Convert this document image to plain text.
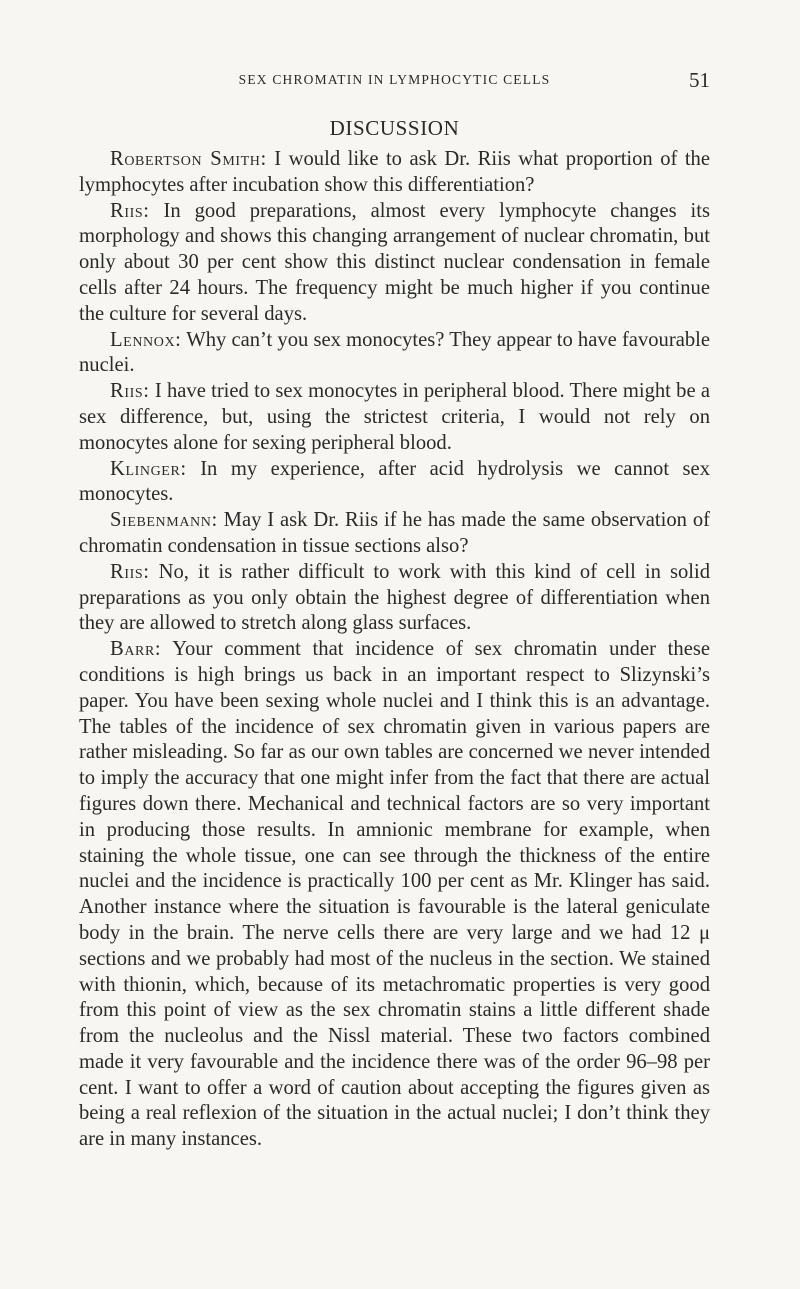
SEX CHROMATIN IN LYMPHOCYTIC CELLS	51
DISCUSSION

Robertson Smith: I would like to ask Dr. Riis what proportion of the lymphocytes after incubation show this differentiation?

Riis: In good preparations, almost every lymphocyte changes its morphology and shows this changing arrangement of nuclear chromatin, but only about 30 per cent show this distinct nuclear condensation in female cells after 24 hours. The frequency might be much higher if you continue the culture for several days.

Lennox: Why can’t you sex monocytes? They appear to have favourable nuclei.

Riis: I have tried to sex monocytes in peripheral blood. There might be a sex difference, but, using the strictest criteria, I would not rely on monocytes alone for sexing peripheral blood.

Klinger: In my experience, after acid hydrolysis we cannot sex monocytes.

Siebenmann: May I ask Dr. Riis if he has made the same observation of chromatin condensation in tissue sections also?

Riis: No, it is rather difficult to work with this kind of cell in solid preparations as you only obtain the highest degree of differentiation when they are allowed to stretch along glass surfaces.

Barr: Your comment that incidence of sex chromatin under these conditions is high brings us back in an important respect to Slizynski’s paper. You have been sexing whole nuclei and I think this is an advantage. The tables of the incidence of sex chromatin given in various papers are rather misleading. So far as our own tables are concerned we never intended to imply the accuracy that one might infer from the fact that there are actual figures down there. Mechanical and technical factors are so very important in producing those results. In amnionic membrane for example, when staining the whole tissue, one can see through the thickness of the entire nuclei and the incidence is practically 100 per cent as Mr. Klinger has said. Another instance where the situation is favourable is the lateral geniculate body in the brain. The nerve cells there are very large and we had 12 μ sections and we probably had most of the nucleus in the section. We stained with thionin, which, because of its metachromatic properties is very good from this point of view as the sex chromatin stains a little different shade from the nucleolus and the Nissl material. These two factors combined made it very favourable and the incidence there was of the order 96–98 per cent. I want to offer a word of caution about accepting the figures given as being a real reflexion of the situation in the actual nuclei; I don’t think they are in many instances.
